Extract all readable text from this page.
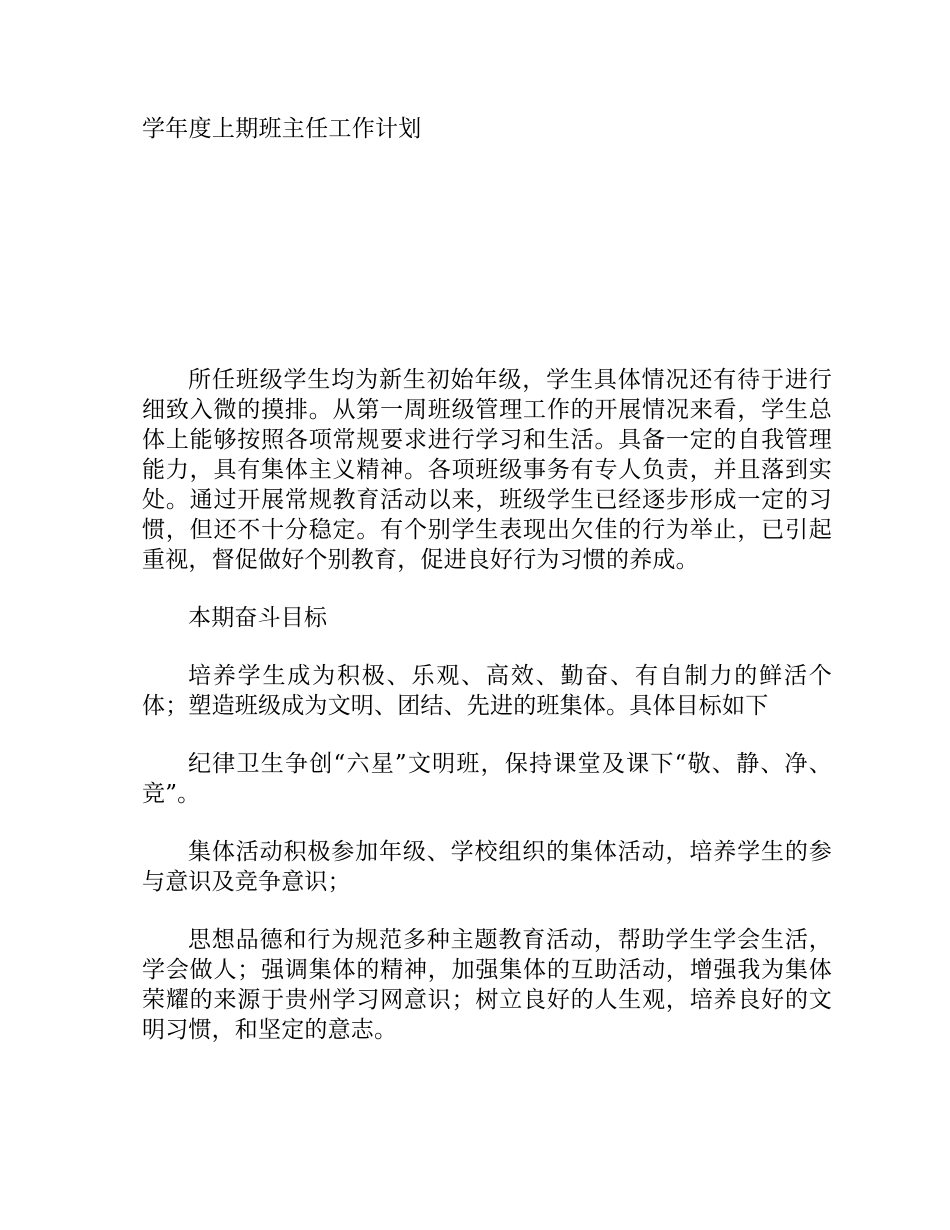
学年度上期班主任工作计划

所任班级学生均为新生初始年级，学生具体情况还有待于进行细致入微的摸排。从第一周班级管理工作的开展情况来看，学生总体上能够按照各项常规要求进行学习和生活。具备一定的自我管理能力，具有集体主义精神。各项班级事务有专人负责，并且落到实处。通过开展常规教育活动以来，班级学生已经逐步形成一定的习惯，但还不十分稳定。有个别学生表现出欠佳的行为举止，已引起重视，督促做好个别教育，促进良好行为习惯的养成。

本期奋斗目标

培养学生成为积极、乐观、高效、勤奋、有自制力的鲜活个体；塑造班级成为文明、团结、先进的班集体。具体目标如下

纪律卫生争创“六星”文明班，保持课堂及课下“敬、静、净、竞”。

集体活动积极参加年级、学校组织的集体活动，培养学生的参与意识及竞争意识；

思想品德和行为规范多种主题教育活动，帮助学生学会生活，学会做人；强调集体的精神，加强集体的互助活动，增强我为集体荣耀的来源于贵州学习网意识；树立良好的人生观，培养良好的文明习惯，和坚定的意志。
